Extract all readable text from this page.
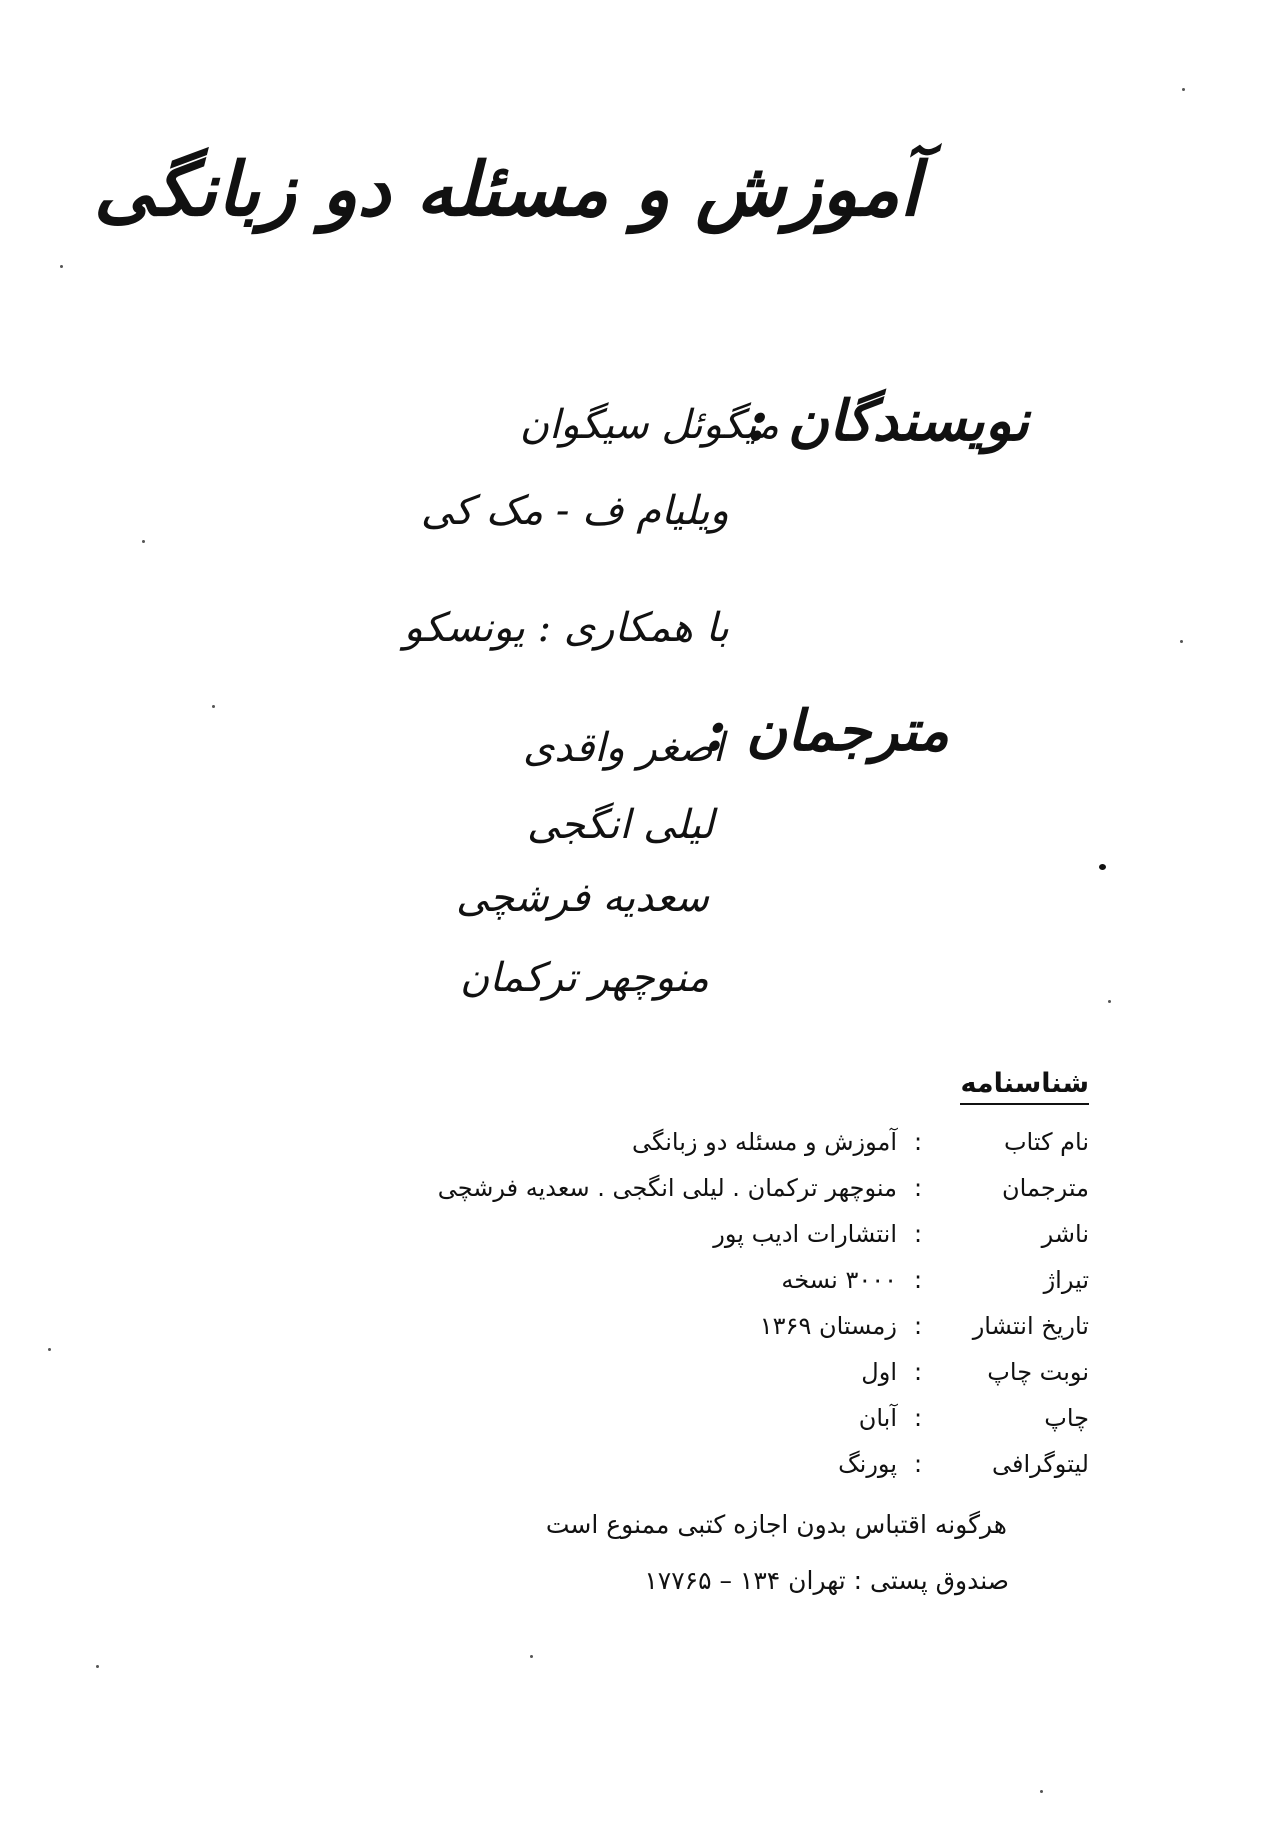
آموزش و مسئله دو زبانگی
نویسندگان :
میگوئل سیگوان
ویلیام ف - مک کی
با همکاری : یونسکو
مترجمان :
اصغر واقدی
لیلی انگجی
سعدیه فرشچی
منوچهر ترکمان
شناسنامه
نام کتاب
:
آموزش و مسئله دو زبانگی
مترجمان
:
منوچهر ترکمان . لیلی انگجی . سعدیه فرشچی
ناشر
:
انتشارات ادیب پور
تیراژ
:
۳۰۰۰ نسخه
تاریخ انتشار
:
زمستان ۱۳۶۹
نوبت چاپ
:
اول
چاپ
:
آبان
لیتوگرافی
:
پورنگ
هرگونه اقتباس بدون اجازه کتبی ممنوع است
صندوق پستی : تهران ۱۳۴ – ۱۷۷۶۵
